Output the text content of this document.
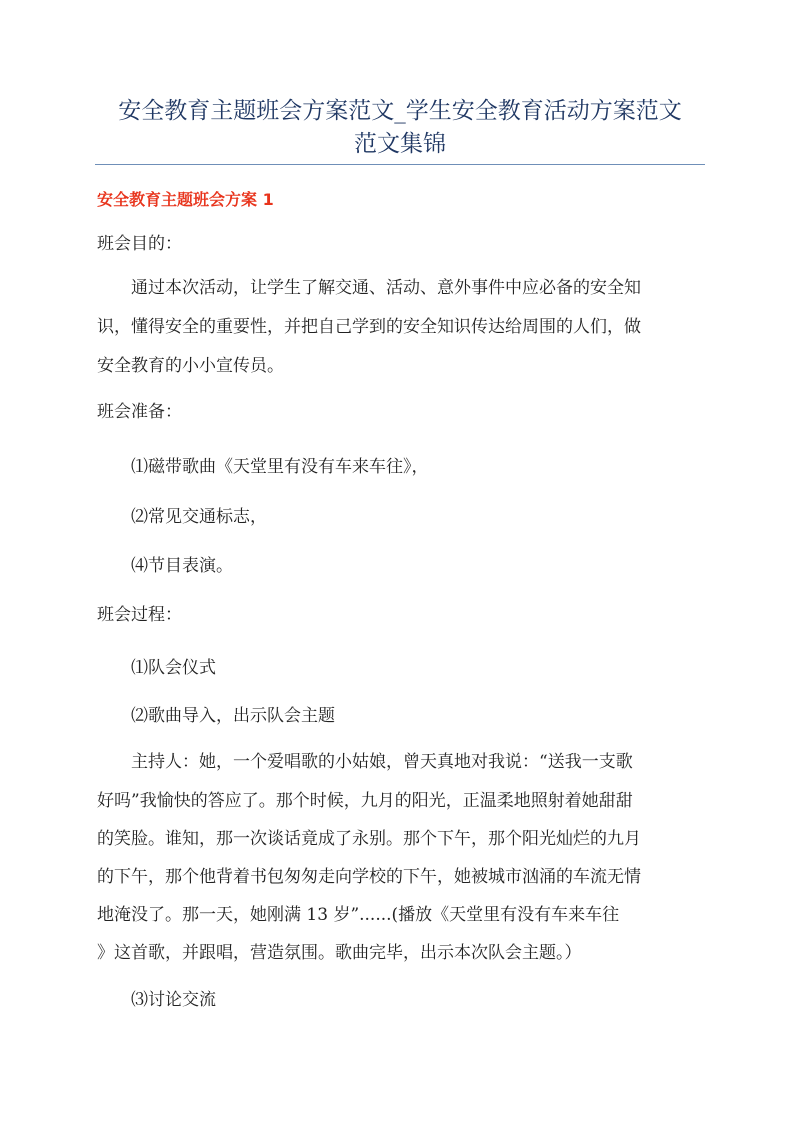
安全教育主题班会方案范文_学生安全教育活动方案范文
范文集锦
安全教育主题班会方案 1

班会目的：

通过本次活动，让学生了解交通、活动、意外事件中应必备的安全知

识，懂得安全的重要性，并把自己学到的安全知识传达给周围的人们，做

安全教育的小小宣传员。

班会准备：

⑴磁带歌曲《天堂里有没有车来车往》，

⑵常见交通标志，

⑷节目表演。

班会过程：

⑴队会仪式

⑵歌曲导入，出示队会主题

主持人：她，一个爱唱歌的小姑娘，曾天真地对我说：“送我一支歌

好吗”我愉快的答应了。那个时候，九月的阳光，正温柔地照射着她甜甜

的笑脸。谁知，那一次谈话竟成了永别。那个下午，那个阳光灿烂的九月

的下午，那个他背着书包匆匆走向学校的下午，她被城市汹涌的车流无情

地淹没了。那一天，她刚满 13 岁”......(播放《天堂里有没有车来车往

》这首歌，并跟唱，营造氛围。歌曲完毕，出示本次队会主题。）

⑶讨论交流
